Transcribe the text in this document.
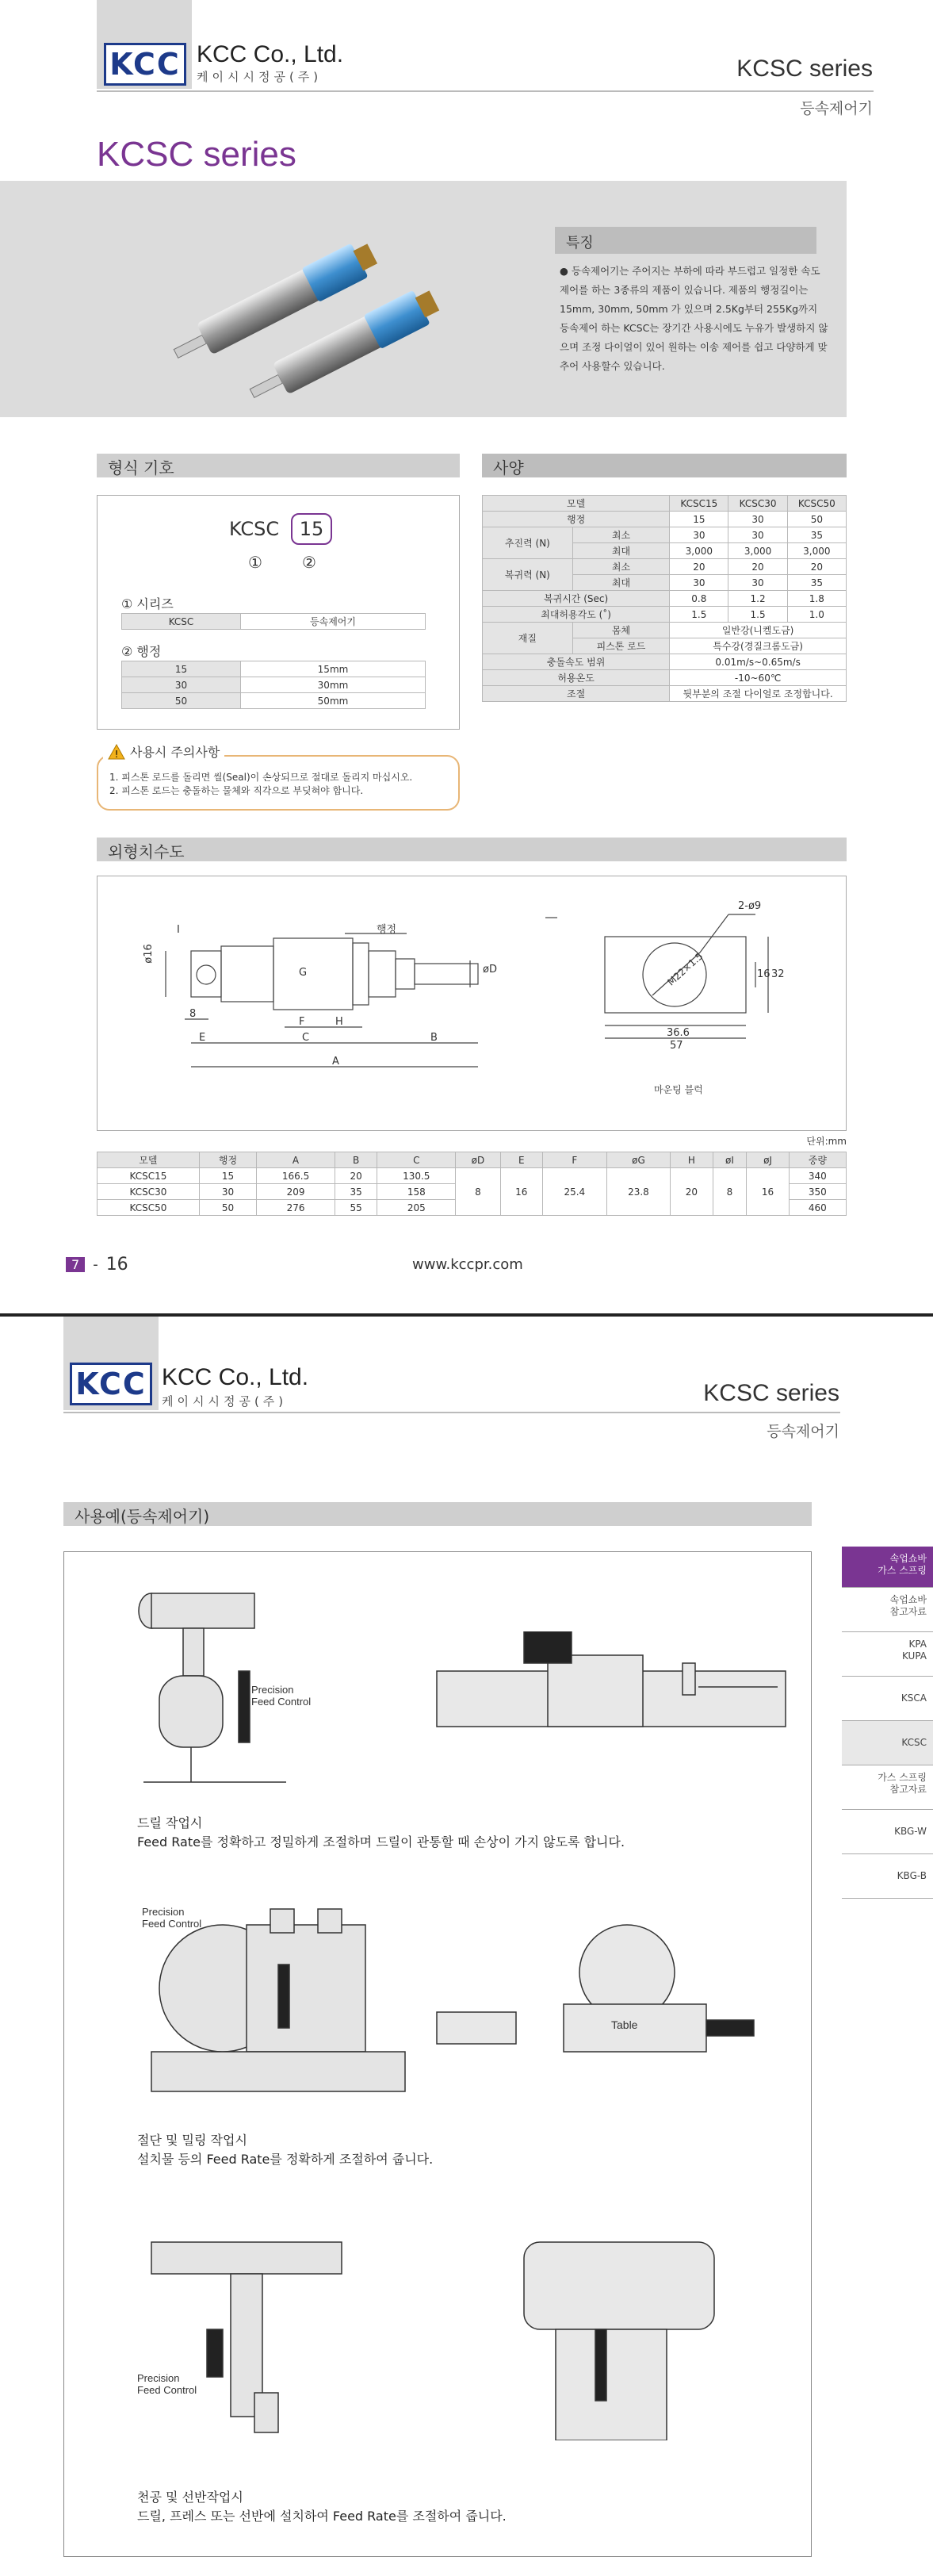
KCC KCC Co., Ltd.
케이시시정공(주)	KCSC series
등속제어기
KCSC series
특징
● 등속제어기는 주어지는 부하에 따라 부드럽고 일정한 속도 제어를 하는 3종류의 제품이 있습니다. 제품의 행정길이는 15mm, 30mm, 50mm 가 있으며 2.5Kg부터 255Kg까지 등속제어 하는 KCSC는 장기간 사용시에도 누유가 발생하지 않으며 조정 다이얼이 있어 원하는 이송 제어를 쉽고 다양하게 맞추어 사용할수 있습니다.
형식 기호	사양
KCSC	15
①	②
① 시리즈
KCSC	등속제어기
② 행정
15	15mm
30	30mm
50	50mm
모델		KCSC15	KCSC30	KCSC50
행정		15	30	50
추진력 (N)	최소	30	30	35
	최대	3,000	3,000	3,000
복귀력 (N)	최소	20	20	20
	최대	30	30	35
복귀시간 (Sec)		0.8	1.2	1.8
최대허용각도 (˚)		1.5	1.5	1.0
재질	몸체	일반강(니켈도금)		
	피스톤 로드	특수강(경질크롬도금)		
충돌속도 범위		0.01m/s~0.65m/s		
허용온도		-10~60℃		
조절		뒷부분의 조절 다이얼로 조정합니다.		
! 사용시 주의사항
1. 피스톤 로드를 돌리면 씰(Seal)이 손상되므로 절대로 돌리지 마십시오.
2. 피스톤 로드는 충돌하는 물체와 직각으로 부딪혀야 합니다.
외형치수도
ø16
I
8
E	C	B
A
F	H
G
행정
øD
2-ø9
M22×1.5
36.6
57
16 32
마운팅 블럭
단위:mm
모델	행정	A	B	C	øD	E	F	øG	H	øI	øJ	중량
KCSC15	15	166.5	20	130.5	8	16	25.4	23.8	20	8	16	340
KCSC30	30	209	35	158								350
KCSC50	50	276	55	205								460
7 - 16	www.kccpr.com
KCC KCC Co., Ltd.
케이시시정공(주)	KCSC series
등속제어기
사용예(등속제어기)
속업쇼바
가스 스프링
속업쇼바
참고자료
KPA
KUPA
KSCA
KCSC
가스 스프링
참고자료
KBG-W
KBG-B
Precision
Feed Control
드릴 작업시
Feed Rate를 정확하고 정밀하게 조절하며 드릴이 관통할 때 손상이 가지 않도록 합니다.
Precision
Feed Control
Table
절단 및 밀링 작업시
설치물 등의 Feed Rate를 정확하게 조절하여 줍니다.
Precision
Feed Control
천공 및 선반작업시
드릴, 프레스 또는 선반에 설치하여 Feed Rate를 조절하여 줍니다.
